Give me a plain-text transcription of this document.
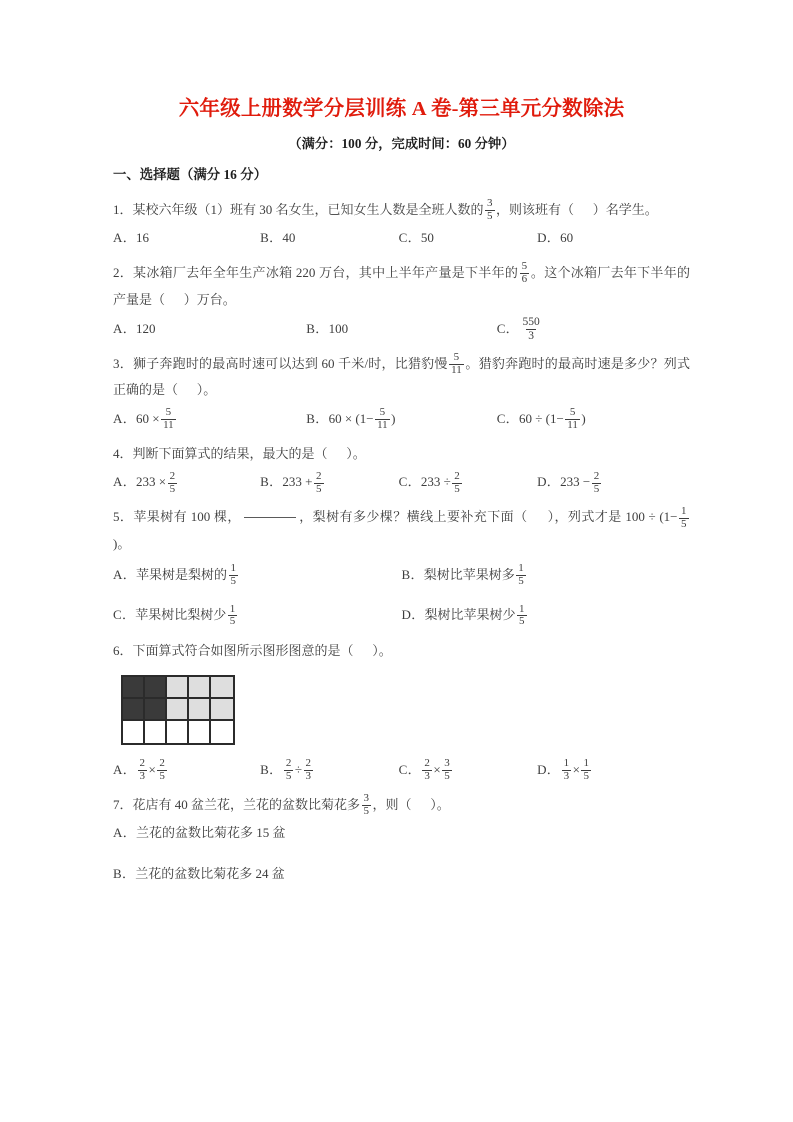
六年级上册数学分层训练 A 卷-第三单元分数除法
（满分：100 分，完成时间：60 分钟）
一、选择题（满分 16 分）
1．某校六年级（1）班有 30 名女生，已知女生人数是全班人数的 $\frac{3}{5}$ ，则该班有（ ）名学生。
A．16	B．40	C．50	D．60
2．某冰箱厂去年全年生产冰箱 220 万台，其中上半年产量是下半年的 $\frac{5}{6}$ 。这个冰箱厂去年下半年的产量是（ ）万台。
A．120	B．100	C． $\frac{550}{3}$
3．狮子奔跑时的最高时速可以达到 60 千米/时，比猎豹慢 $\frac{5}{11}$ 。猎豹奔跑时的最高时速是多少？列式正确的是（ ）。
A．$60 \times \frac{5}{11}$	B．$60 \times (1- \frac{5}{11}$ )	C．$60 \div (1- \frac{5}{11}$ )
4．判断下面算式的结果，最大的是（ ）。
A．$233 \times \frac{2}{5}$	B．$233 + \frac{2}{5}$	C．$233 \div \frac{2}{5}$	D．$233 - \frac{2}{5}$
5．苹果树有 100 棵，	，梨树有多少棵？横线上要补充下面（ ），列式才是 $100 \div (1- \frac{1}{5}$
)。
A．苹果树是梨树的 $\frac{1}{5}$	B．梨树比苹果树多 $\frac{1}{5}$
C．苹果树比梨树少 $\frac{1}{5}$	D．梨树比苹果树少 $\frac{1}{5}$
6．下面算式符合如图所示图形图意的是（ ）。
A． $\frac{2}{3} \times \frac{2}{5}$	B． $\frac{2}{5} \div \frac{2}{3}$	C． $\frac{2}{3} \times \frac{3}{5}$	D． $\frac{1}{3} \times \frac{1}{5}$
7．花店有 40 盆兰花，兰花的盆数比菊花多 $\frac{3}{5}$ ，则（ ）。
A．兰花的盆数比菊花多 15 盆
B．兰花的盆数比菊花多 24 盆
